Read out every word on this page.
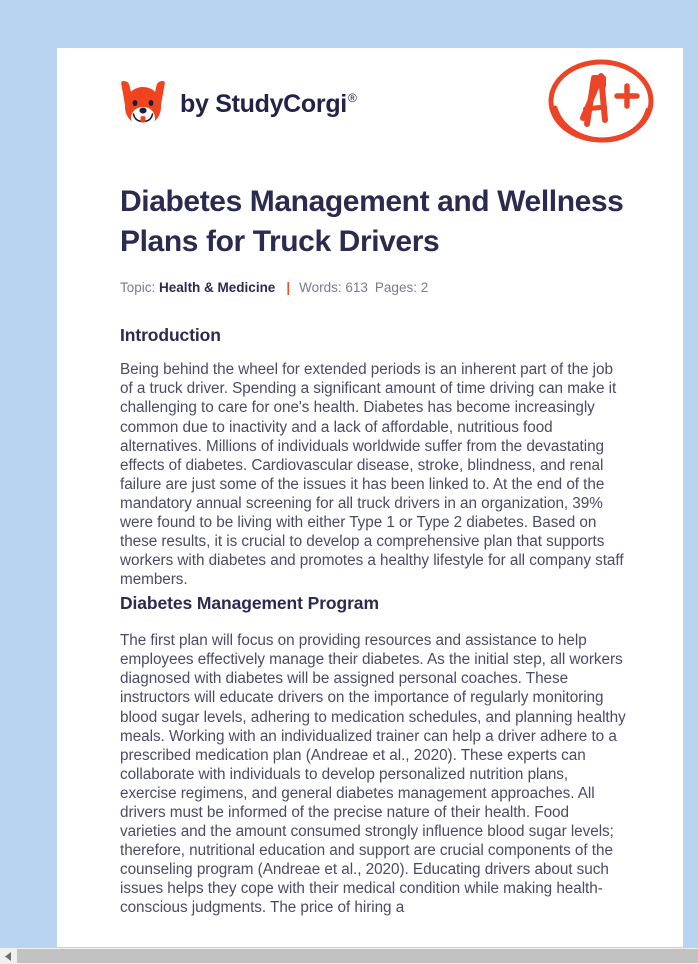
by StudyCorgi®
Diabetes Management and Wellness Plans for Truck Drivers
Topic: Health & Medicine | Words: 613 Pages: 2
Introduction

Being behind the wheel for extended periods is an inherent part of the job of a truck driver. Spending a significant amount of time driving can make it challenging to care for one's health. Diabetes has become increasingly common due to inactivity and a lack of affordable, nutritious food alternatives. Millions of individuals worldwide suffer from the devastating effects of diabetes. Cardiovascular disease, stroke, blindness, and renal failure are just some of the issues it has been linked to. At the end of the mandatory annual screening for all truck drivers in an organization, 39% were found to be living with either Type 1 or Type 2 diabetes. Based on these results, it is crucial to develop a comprehensive plan that supports workers with diabetes and promotes a healthy lifestyle for all company staff members.

Diabetes Management Program

The first plan will focus on providing resources and assistance to help employees effectively manage their diabetes. As the initial step, all workers diagnosed with diabetes will be assigned personal coaches. These instructors will educate drivers on the importance of regularly monitoring blood sugar levels, adhering to medication schedules, and planning healthy meals. Working with an individualized trainer can help a driver adhere to a prescribed medication plan (Andreae et al., 2020). These experts can collaborate with individuals to develop personalized nutrition plans, exercise regimens, and general diabetes management approaches. All drivers must be informed of the precise nature of their health. Food varieties and the amount consumed strongly influence blood sugar levels; therefore, nutritional education and support are crucial components of the counseling program (Andreae et al., 2020). Educating drivers about such issues helps they cope with their medical condition while making health-conscious judgments. The price of hiring a
